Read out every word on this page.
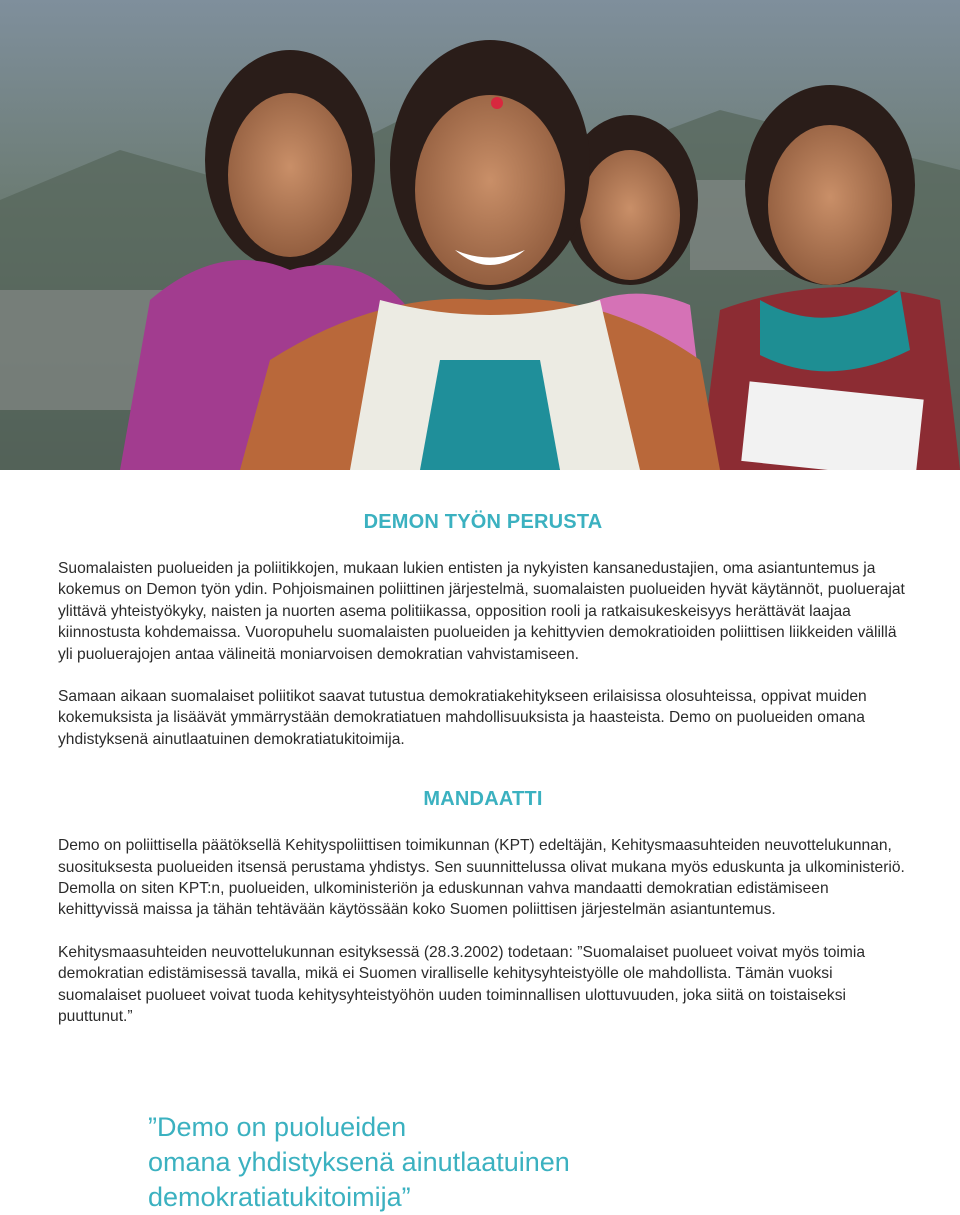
DEMON TYÖN PERUSTA

Suomalaisten puolueiden ja poliitikkojen, mukaan lukien entisten ja nykyisten kansanedustajien, oma asiantuntemus ja kokemus on Demon työn ydin. Pohjoismainen poliittinen järjestelmä, suomalaisten puolueiden hyvät käytännöt, puoluerajat ylittävä yhteistyökyky, naisten ja nuorten asema politiikassa, opposition rooli ja ratkaisukeskeisyys herättävät laajaa kiinnostusta kohdemaissa. Vuoropuhelu suomalaisten puolueiden ja kehittyvien demokratioiden poliittisen liikkeiden välillä yli puoluerajojen antaa välineitä moniarvoisen demokratian vahvistamiseen.

Samaan aikaan suomalaiset poliitikot saavat tutustua demokratiakehitykseen erilaisissa olosuhteissa, oppivat muiden kokemuksista ja lisäävät ymmärrystään demokratiatuen mahdollisuuksista ja haasteista. Demo on puolueiden omana yhdistyksenä ainutlaatuinen demokratiatukitoimija.

MANDAATTI

Demo on poliittisella päätöksellä Kehityspoliittisen toimikunnan (KPT) edeltäjän, Kehitysmaasuhteiden neuvottelukunnan, suosituksesta puolueiden itsensä perustama yhdistys. Sen suunnittelussa olivat mukana myös eduskunta ja ulkoministeriö. Demolla on siten KPT:n, puolueiden, ulkoministeriön ja eduskunnan vahva mandaatti demokratian edistämiseen kehittyvissä maissa ja tähän tehtävään käytössään koko Suomen poliittisen järjestelmän asiantuntemus.

Kehitysmaasuhteiden neuvottelukunnan esityksessä (28.3.2002) todetaan: ”Suomalaiset puolueet voivat myös toimia demokratian edistämisessä tavalla, mikä ei Suomen viralliselle kehitysyhteistyölle ole mahdollista. Tämän vuoksi suomalaiset puolueet voivat tuoda kehitysyhteistyöhön uuden toiminnallisen ulottuvuuden, joka siitä on toistaiseksi puuttunut.”

”Demo on puolueiden
omana yhdistyksenä ainutlaatuinen
demokratiatukitoimija”
